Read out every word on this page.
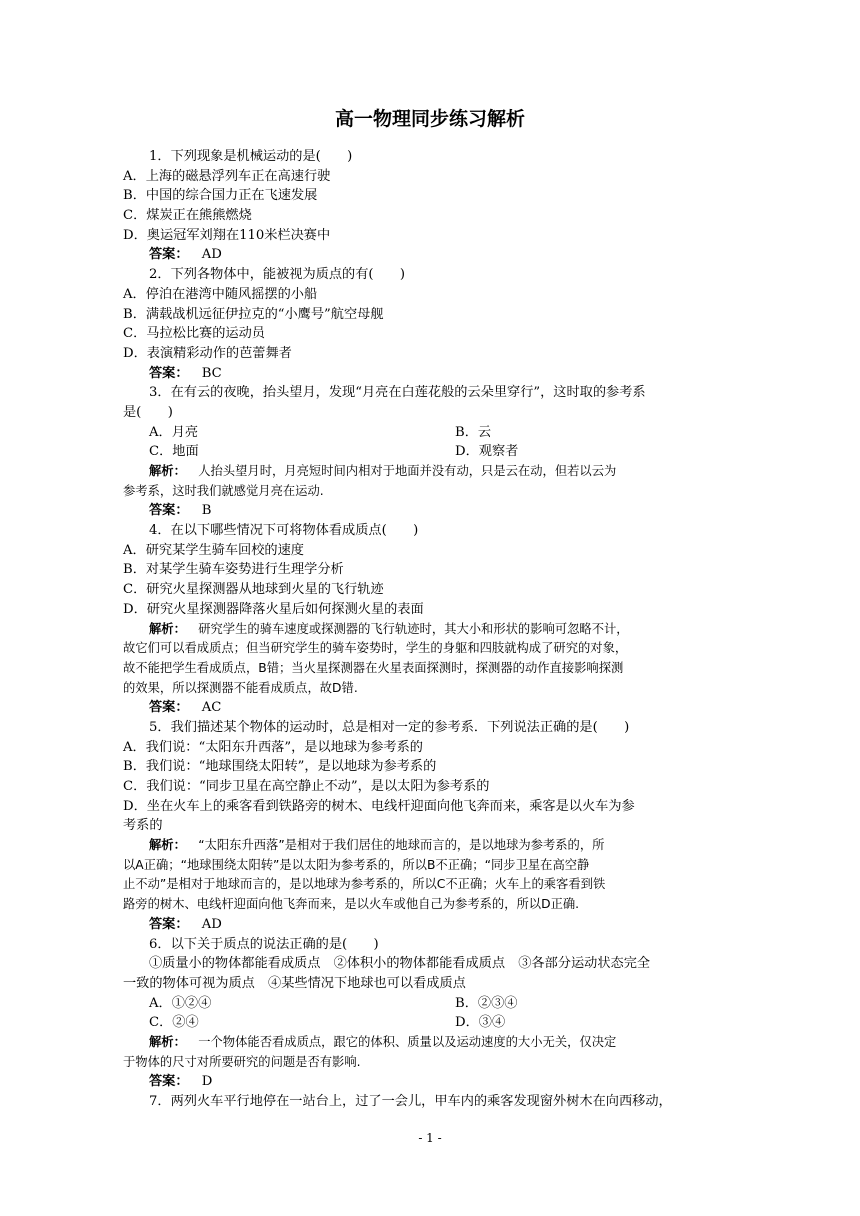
高一物理同步练习解析
1．下列现象是机械运动的是(　　)
A．上海的磁悬浮列车正在高速行驶
B．中国的综合国力正在飞速发展
C．煤炭正在熊熊燃烧
D．奥运冠军刘翔在110米栏决赛中
答案：  AD
2．下列各物体中，能被视为质点的有(　　)
A．停泊在港湾中随风摇摆的小船
B．满载战机远征伊拉克的“小鹰号”航空母舰
C．马拉松比赛的运动员
D．表演精彩动作的芭蕾舞者
答案：  BC
3．在有云的夜晚，抬头望月，发现“月亮在白莲花般的云朵里穿行”，这时取的参考系
是(　　)
A．月亮	B．云
C．地面	D．观察者
解析：  人抬头望月时，月亮短时间内相对于地面并没有动，只是云在动，但若以云为
参考系，这时我们就感觉月亮在运动.
答案：  B
4．在以下哪些情况下可将物体看成质点(　　)
A．研究某学生骑车回校的速度
B．对某学生骑车姿势进行生理学分析
C．研究火星探测器从地球到火星的飞行轨迹
D．研究火星探测器降落火星后如何探测火星的表面
解析：  研究学生的骑车速度或探测器的飞行轨迹时，其大小和形状的影响可忽略不计，
故它们可以看成质点；但当研究学生的骑车姿势时，学生的身躯和四肢就构成了研究的对象，
故不能把学生看成质点，B错；当火星探测器在火星表面探测时，探测器的动作直接影响探测
的效果，所以探测器不能看成质点，故D错.
答案：  AC
5．我们描述某个物体的运动时，总是相对一定的参考系．下列说法正确的是(　　)
A．我们说：“太阳东升西落”，是以地球为参考系的
B．我们说：“地球围绕太阳转”，是以地球为参考系的
C．我们说：“同步卫星在高空静止不动”，是以太阳为参考系的
D．坐在火车上的乘客看到铁路旁的树木、电线杆迎面向他飞奔而来，乘客是以火车为参
考系的
解析：  “太阳东升西落”是相对于我们居住的地球而言的，是以地球为参考系的，所
以A正确；“地球围绕太阳转”是以太阳为参考系的，所以B不正确；“同步卫星在高空静
止不动”是相对于地球而言的，是以地球为参考系的，所以C不正确；火车上的乘客看到铁
路旁的树木、电线杆迎面向他飞奔而来，是以火车或他自己为参考系的，所以D正确.
答案：  AD
6．以下关于质点的说法正确的是(　　)
①质量小的物体都能看成质点　②体积小的物体都能看成质点　③各部分运动状态完全
一致的物体可视为质点　④某些情况下地球也可以看成质点
A．①②④	B．②③④
C．②④	D．③④
解析：  一个物体能否看成质点，跟它的体积、质量以及运动速度的大小无关，仅决定
于物体的尺寸对所要研究的问题是否有影响.
答案：  D
7．两列火车平行地停在一站台上，过了一会儿，甲车内的乘客发现窗外树木在向西移动，
- 1 -
